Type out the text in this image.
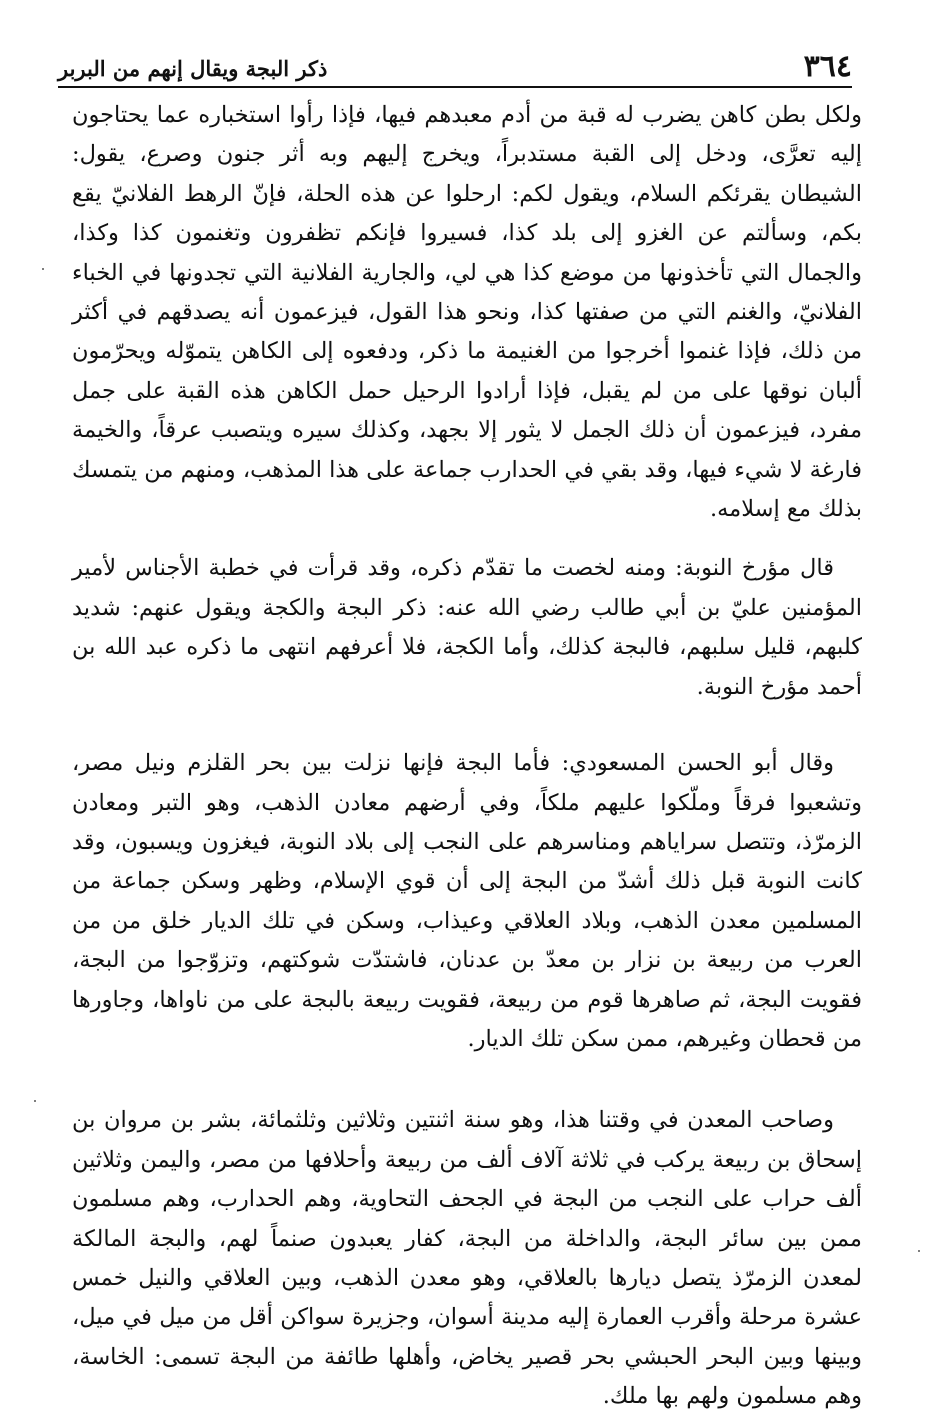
٣٦٤
ذكر البجة ويقال إنهم من البربر

ولكل بطن كاهن يضرب له قبة من أدم معبدهم فيها، فإذا رأوا استخباره عما يحتاجون إليه تعرَّى، ودخل إلى القبة مستدبراً، ويخرج إليهم وبه أثر جنون وصرع، يقول: الشيطان يقرئكم السلام، ويقول لكم: ارحلوا عن هذه الحلة، فإنّ الرهط الفلانيّ يقع بكم، وسألتم عن الغزو إلى بلد كذا، فسيروا فإنكم تظفرون وتغنمون كذا وكذا، والجمال التي تأخذونها من موضع كذا هي لي، والجارية الفلانية التي تجدونها في الخباء الفلانيّ، والغنم التي من صفتها كذا، ونحو هذا القول، فيزعمون أنه يصدقهم في أكثر من ذلك، فإذا غنموا أخرجوا من الغنيمة ما ذكر، ودفعوه إلى الكاهن يتموّله ويحرّمون ألبان نوقها على من لم يقبل، فإذا أرادوا الرحيل حمل الكاهن هذه القبة على جمل مفرد، فيزعمون أن ذلك الجمل لا يثور إلا بجهد، وكذلك سيره ويتصبب عرقاً، والخيمة فارغة لا شيء فيها، وقد بقي في الحدارب جماعة على هذا المذهب، ومنهم من يتمسك بذلك مع إسلامه.

قال مؤرخ النوبة: ومنه لخصت ما تقدّم ذكره، وقد قرأت في خطبة الأجناس لأمير المؤمنين عليّ بن أبي طالب رضي الله عنه: ذكر البجة والكجة ويقول عنهم: شديد كلبهم، قليل سلبهم، فالبجة كذلك، وأما الكجة، فلا أعرفهم انتهى ما ذكره عبد الله بن أحمد مؤرخ النوبة.

وقال أبو الحسن المسعودي: فأما البجة فإنها نزلت بين بحر القلزم ونيل مصر، وتشعبوا فرقاً وملّكوا عليهم ملكاً، وفي أرضهم معادن الذهب، وهو التبر ومعادن الزمرّذ، وتتصل سراياهم ومناسرهم على النجب إلى بلاد النوبة، فيغزون ويسبون، وقد كانت النوبة قبل ذلك أشدّ من البجة إلى أن قوي الإسلام، وظهر وسكن جماعة من المسلمين معدن الذهب، وبلاد العلاقي وعيذاب، وسكن في تلك الديار خلق من من العرب من ربيعة بن نزار بن معدّ بن عدنان، فاشتدّت شوكتهم، وتزوّجوا من البجة، فقويت البجة، ثم صاهرها قوم من ربيعة، فقويت ربيعة بالبجة على من ناواها، وجاورها من قحطان وغيرهم، ممن سكن تلك الديار.

وصاحب المعدن في وقتنا هذا، وهو سنة اثنتين وثلاثين وثلثمائة، بشر بن مروان بن إسحاق بن ربيعة يركب في ثلاثة آلاف ألف من ربيعة وأحلافها من مصر، واليمن وثلاثين ألف حراب على النجب من البجة في الجحف التحاوية، وهم الحدارب، وهم مسلمون ممن بين سائر البجة، والداخلة من البجة، كفار يعبدون صنماً لهم، والبجة المالكة لمعدن الزمرّذ يتصل ديارها بالعلاقي، وهو معدن الذهب، وبين العلاقي والنيل خمس عشرة مرحلة وأقرب العمارة إليه مدينة أسوان، وجزيرة سواكن أقل من ميل في ميل، وبينها وبين البحر الحبشي بحر قصير يخاض، وأهلها طائفة من البجة تسمى: الخاسة، وهم مسلمون ولهم بها ملك.
